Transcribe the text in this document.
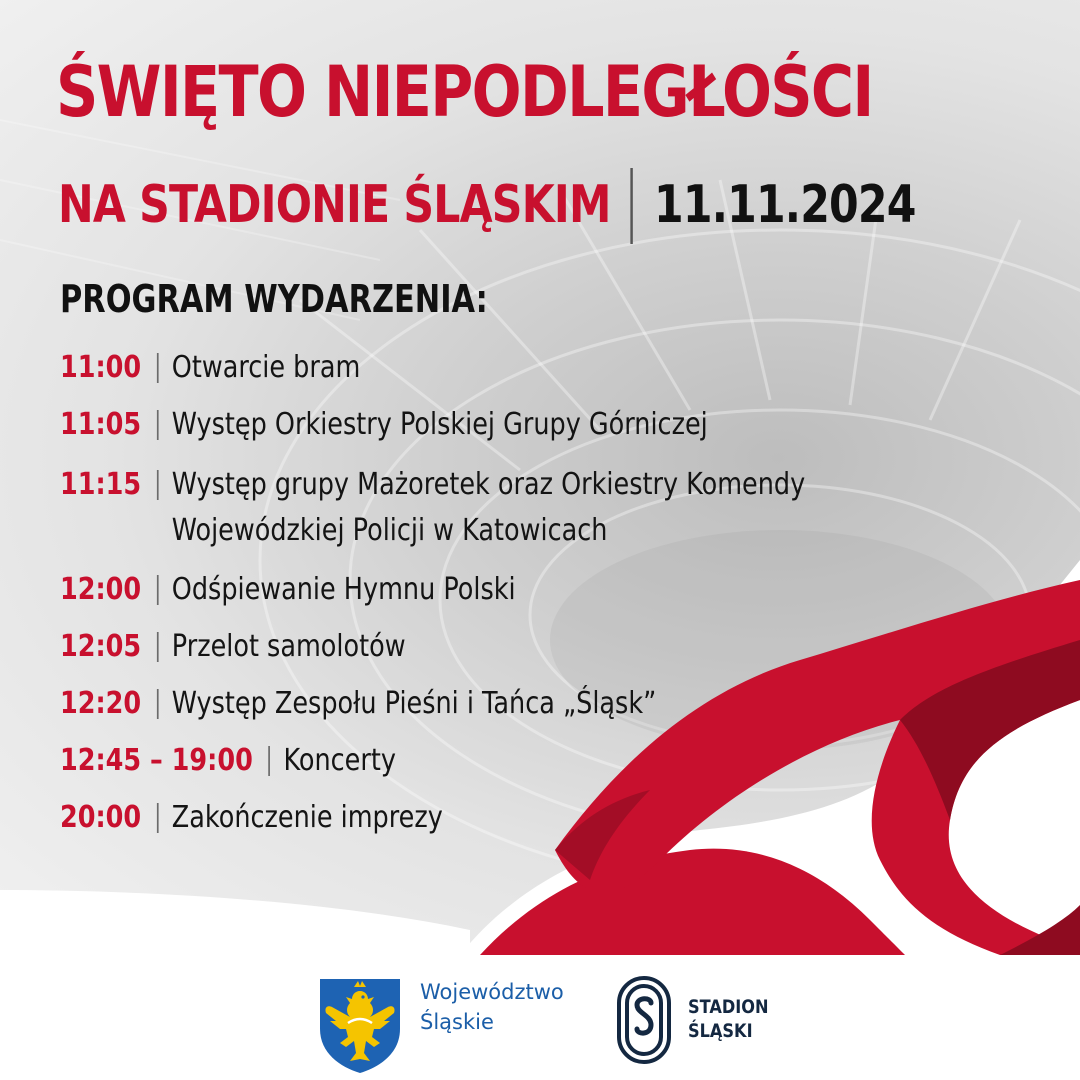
ŚWIĘTO NIEPODLEGŁOŚCI
NA STADIONIE ŚLĄSKIM 11.11.2024
PROGRAM WYDARZENIA:
11:00 Otwarcie bram
11:05 Występ Orkiestry Polskiej Grupy Górniczej
11:15 Występ grupy Mażoretek oraz Orkiestry Komendy
Wojewódzkiej Policji w Katowicach
12:00 Odśpiewanie Hymnu Polski
12:05 Przelot samolotów
12:20 Występ Zespołu Pieśni i Tańca „Śląsk”
12:45 – 19:00 Koncerty
20:00 Zakończenie imprezy
Województwo
Śląskie
STADION
ŚLĄSKI
